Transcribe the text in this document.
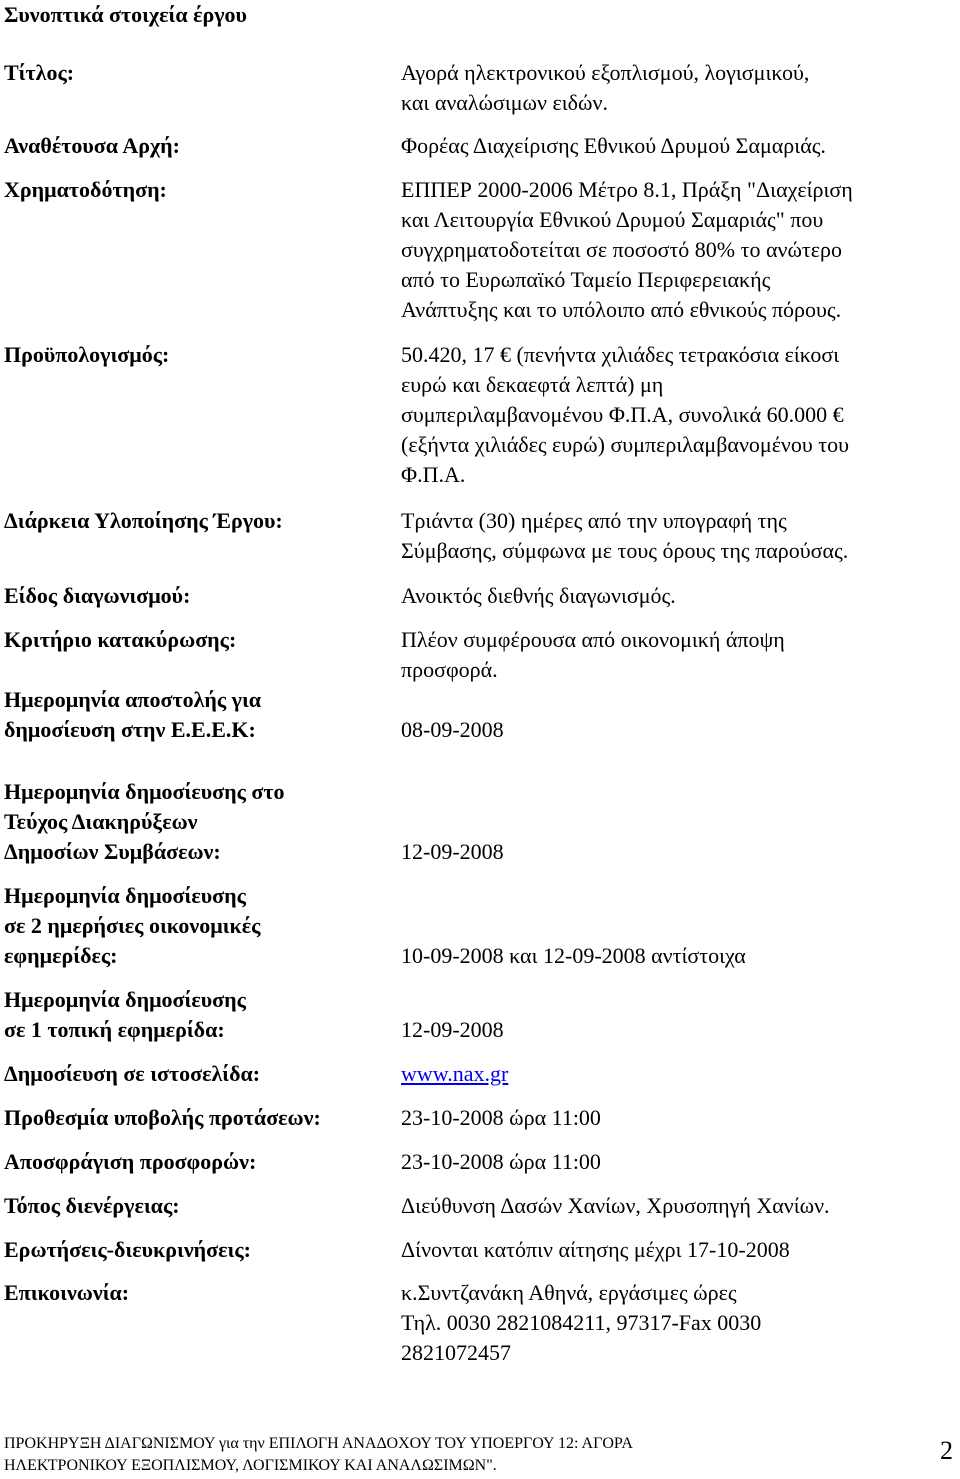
Συνοπτικά στοιχεία έργου
Τίτλος:	Αγορά ηλεκτρονικού εξοπλισμού, λογισμικού,
και αναλώσιμων ειδών.
Αναθέτουσα Αρχή:	Φορέας Διαχείρισης Εθνικού Δρυμού Σαμαριάς.
Χρηματοδότηση:	ΕΠΠΕΡ 2000-2006 Μέτρο 8.1, Πράξη "Διαχείριση
και Λειτουργία Εθνικού Δρυμού Σαμαριάς" που
συγχρηματοδοτείται σε ποσοστό 80% το ανώτερο
από το Ευρωπαϊκό Ταμείο Περιφερειακής
Ανάπτυξης και το υπόλοιπο από εθνικούς πόρους.
Προϋπολογισμός:	50.420, 17 € (πενήντα χιλιάδες τετρακόσια είκοσι
ευρώ και δεκαεφτά λεπτά) μη
συμπεριλαμβανομένου Φ.Π.Α, συνολικά 60.000 €
(εξήντα χιλιάδες ευρώ) συμπεριλαμβανομένου του
Φ.Π.Α.
Διάρκεια Υλοποίησης Έργου:	Τριάντα (30) ημέρες από την υπογραφή της
Σύμβασης, σύμφωνα με τους όρους της παρούσας.
Είδος διαγωνισμού:	Ανοικτός διεθνής διαγωνισμός.
Κριτήριο κατακύρωσης:	Πλέον συμφέρουσα από οικονομική άποψη
προσφορά.
Ημερομηνία αποστολής για
δημοσίευση στην Ε.Ε.Ε.Κ:	08-09-2008
Ημερομηνία δημοσίευσης στο
Τεύχος Διακηρύξεων
Δημοσίων Συμβάσεων:	12-09-2008
Ημερομηνία δημοσίευσης
σε 2 ημερήσιες οικονομικές
εφημερίδες:	10-09-2008 και 12-09-2008 αντίστοιχα
Ημερομηνία δημοσίευσης
σε 1 τοπική εφημερίδα:	12-09-2008
Δημοσίευση σε ιστοσελίδα:	www.nax.gr
Προθεσμία υποβολής προτάσεων:	23-10-2008 ώρα 11:00
Αποσφράγιση προσφορών:	23-10-2008 ώρα 11:00
Τόπος διενέργειας:	Διεύθυνση Δασών Χανίων, Χρυσοπηγή Χανίων.
Ερωτήσεις-διευκρινήσεις:	Δίνονται κατόπιν αίτησης μέχρι 17-10-2008
Επικοινωνία:	κ.Συντζανάκη Αθηνά, εργάσιμες ώρες
Τηλ. 0030 2821084211, 97317-Fax 0030
2821072457
ΠΡΟΚΗΡΥΞΗ ΔΙΑΓΩΝΙΣΜΟΥ για την ΕΠΙΛΟΓΗ ΑΝΑΔΟΧΟΥ ΤΟΥ ΥΠΟΕΡΓΟΥ 12: ΑΓΟΡΑ
ΗΛΕΚΤΡΟΝΙΚΟΥ ΕΞΟΠΛΙΣΜΟΥ, ΛΟΓΙΣΜΙΚΟΥ ΚΑΙ ΑΝΑΛΩΣΙΜΩΝ".
2
